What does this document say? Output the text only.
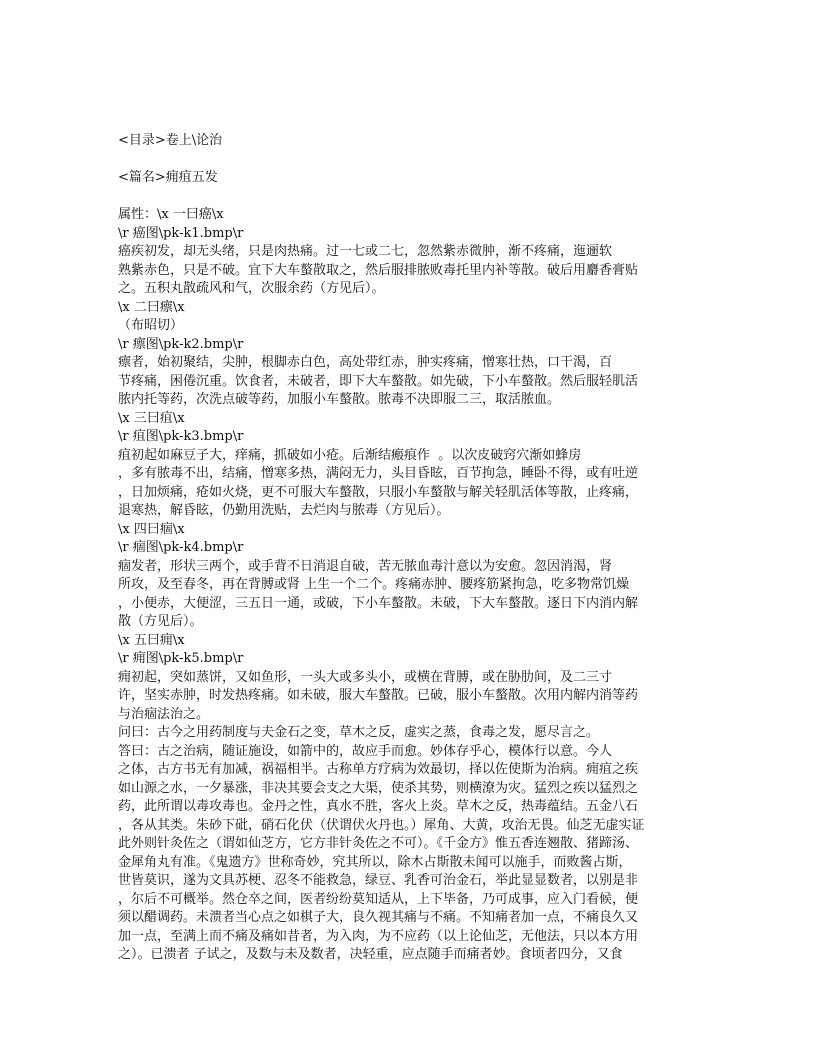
<目录>卷上\论治
<篇名>痈疽五发
属性：\x 一曰癌\x
\r 癌图\pk-k1.bmp\r
癌疾初发，却无头绪，只是肉热痛。过一七或二七，忽然紫赤微肿，渐不疼痛，迤逦软
熟紫赤色，只是不破。宜下大车螯散取之，然后服排脓败毒托里内补等散。破后用麝香膏贴
之。五积丸散疏风和气，次服余药（方见后）。
\x 二曰瘭\x
（布昭切）
\r 瘭图\pk-k2.bmp\r
瘭者，始初聚结，尖肿，根脚赤白色，高处带红赤，肿实疼痛，憎寒壮热，口干渴，百
节疼痛，困倦沉重。饮食者，未破者，即下大车螯散。如先破，下小车螯散。然后服轻肌活
脓内托等药，次洗点破等药，加服小车螯散。脓毒不决即服二三，取活脓血。
\x 三曰疽\x
\r 疽图\pk-k3.bmp\r
疽初起如麻豆子大，痒痛，抓破如小疮。后渐结瘢痕作  。以次皮破窍穴渐如蜂房
，多有脓毒不出，结痛，憎寒多热，满闷无力，头目昏眩，百节拘急，睡卧不得，或有吐逆
，日加烦痛，疮如火烧，更不可服大车螯散，只服小车螯散与解关轻肌活体等散，止疼痛，
退寒热，解昏眩，仍勤用洗贴，去烂肉与脓毒（方见后）。
\x 四曰痼\x
\r 痼图\pk-k4.bmp\r
痼发者，形状三两个，或手背不日消退自破，苦无脓血毒汁意以为安愈。忽因消渴，肾
所攻，及至春冬，再在背膊或肾 上生一个二个。疼痛赤肿、腰疼筋紧拘急，吃多物常饥燥
，小便赤，大便涩，三五日一通，或破，下小车螯散。未破，下大车螯散。逐日下内消内解
散（方见后）。
\x 五曰痈\x
\r 痈图\pk-k5.bmp\r
痈初起，突如蒸饼，又如鱼形，一头大或多头小，或横在背膊，或在胁肋间，及二三寸
许，坚实赤肿，时发热疼痛。如未破，服大车螯散。已破，服小车螯散。次用内解内消等药
与治痼法治之。
问曰：古今之用药制度与夫金石之变，草木之反，虚实之蒸，食毒之发，愿尽言之。
答曰：古之治病，随证施设，如箭中的，故应手而愈。妙体存乎心，模体行以意。今人
之体，古方书无有加减，祸福相半。古称单方疗病为效最切，择以佐使斯为治病。痈疽之疾
如山源之水，一夕暴涨，非决其要会支之大渠，使杀其势，则横潦为灾。猛烈之疾以猛烈之
药，此所谓以毒攻毒也。金丹之性，真水不胜，客火上炎。草木之反，热毒蕴结。五金八石
，各从其类。朱砂下砒，硝石化伏（伏谓伏火丹也。）犀角、大黄，攻治无畏。仙芝无虚实证
此外则针灸佐之（谓如仙芝方，它方非针灸佐之不可）。《千金方》惟五香连翘散、猪蹄汤、
金犀角丸有准。《鬼遗方》世称奇妙，究其所以，除木占斯散未闻可以施手，而败酱占斯，
世皆莫识，遂为文具苏梗、忍冬不能救急，绿豆、乳香可治金石，举此显显数者，以别是非
，尔后不可概举。然仓卒之间，医者纷纷莫知适从，上下毕备，乃可成事，应入门看候，便
须以醋调药。未溃者当心点之如棋子大，良久视其痛与不痛。不知痛者加一点，不痛良久又
加一点，至满上而不痛及痛如昔者，为入肉，为不应药（以上论仙芝，无他法，只以本方用
之）。已溃者 子试之，及数与未及数者，决轻重，应点随手而痛者妙。食顷者四分，又食
